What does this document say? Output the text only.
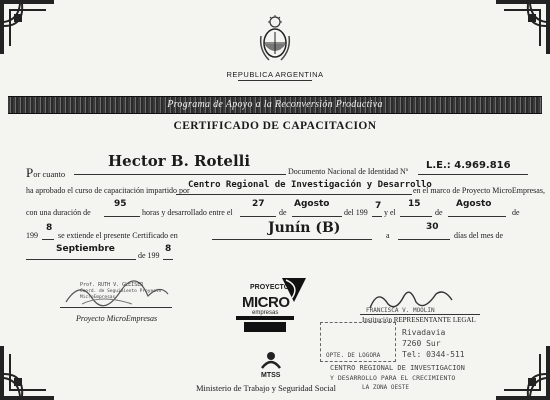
REPUBLICA ARGENTINA
Programa de Apoyo a la Reconversión Productiva
CERTIFICADO DE CAPACITACION
Por cuanto
Hector B. Rotelli
Documento Nacional de Identidad Nº
L.E.: 4.969.816
ha aprobado el curso de capacitación impartido por
Centro Regional de Investigación y Desarrollo
en el marco de Proyecto MicroEmpresas,
con una duración de
95
horas y desarrollado entre el
27
de
Agosto
del 199
7
y el
15
de
Agosto
de
199
8
se extiende el presente Certificado en	Junín (B)	a
30
días del mes de
Septiembre
de 199
8
Prof. RUTH V. GLEISER
Coord. de Seguimiento Proyecto
MicroEmpresas
Proyecto MicroEmpresas
PROYECTO
MICRO
empresas
MTSS
Ministerio de Trabajo y Seguridad Social
FRANCISCA V. MOOLIN
Institución REPRESENTANTE LEGAL
Rivadavia
7260 Sur
Tel: 0344-511
OPTE. DE LOGORA
CENTRO REGIONAL DE INVESTIGACION
Y DESARROLLO PARA EL CRECIMIENTO
LA ZONA OESTE
